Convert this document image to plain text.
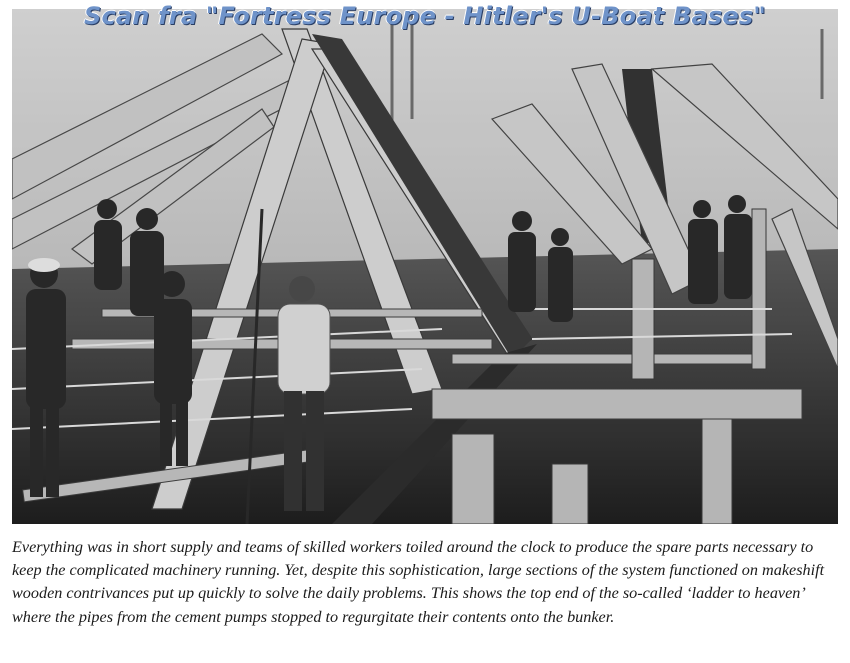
Scan fra "Fortress Europe - Hitler's U-Boat Bases"

Everything was in short supply and teams of skilled workers toiled around the clock to produce the spare parts necessary to keep the complicated machinery running. Yet, despite this sophistication, large sections of the system functioned on makeshift wooden contrivances put up quickly to solve the daily problems. This shows the top end of the so-called ‘ladder to heaven’ where the pipes from the cement pumps stopped to regurgitate their contents onto the bunker.
